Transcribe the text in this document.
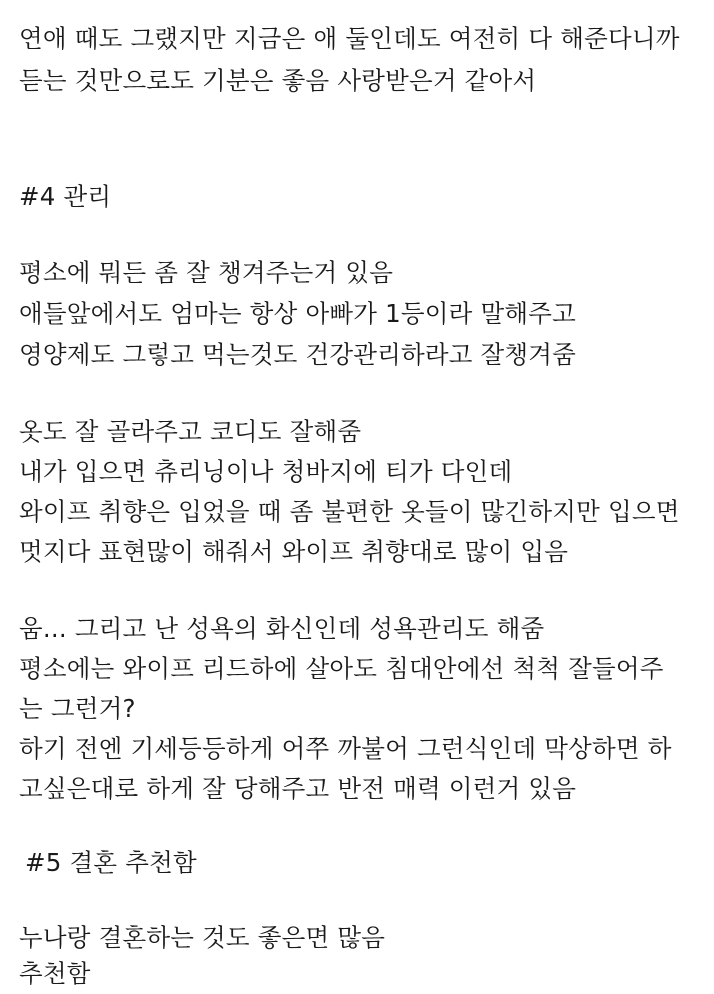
연애 때도 그랬지만 지금은 애 둘인데도 여전히 다 해준다니까
듣는 것만으로도 기분은 좋음 사랑받은거 같아서
#4 관리
평소에 뭐든 좀 잘 챙겨주는거 있음
애들앞에서도 엄마는 항상 아빠가 1등이라 말해주고
영양제도 그렇고 먹는것도 건강관리하라고 잘챙겨줌
옷도 잘 골라주고 코디도 잘해줌
내가 입으면 츄리닝이나 청바지에 티가 다인데
와이프 취향은 입었을 때 좀 불편한 옷들이 많긴하지만 입으면
멋지다 표현많이 해줘서 와이프 취향대로 많이 입음
움... 그리고 난 성욕의 화신인데 성욕관리도 해줌
평소에는 와이프 리드하에 살아도 침대안에선 척척 잘들어주
는 그런거?
하기 전엔 기세등등하게 어쭈 까불어 그런식인데 막상하면 하
고싶은대로 하게 잘 당해주고 반전 매력 이런거 있음
#5 결혼 추천함
누나랑 결혼하는 것도 좋은면 많음
추천함
